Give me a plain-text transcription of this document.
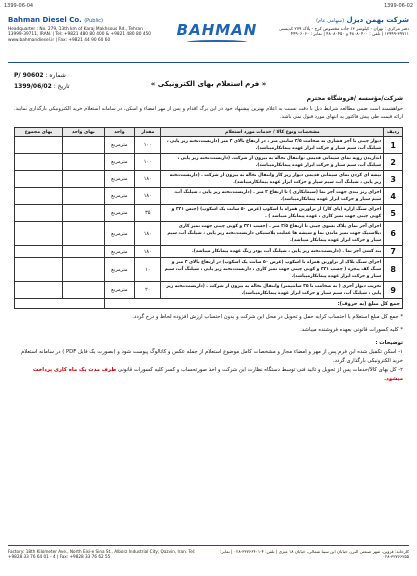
1399-06-04	1399-06-02
Bahman Diesel Co. (Public)	شرکت بهمن دیزل (سهامی عام)
BAHMAN
Headquarter : No. 279, 13th km of Karaj Makhsous Rd., Tehran 13999-39711, IRAN. | Tel: +9821 480 80 400 & +9821 480 80 450 www.bahmandiesel.ir | Fax: +9821 44 90 60 60
دفتر مرکزی : تهران - کیلومتر ۱۳ جاده مخصوص کرج - پلاک ۲۷۹ کدپستی ۳۹۷۱۱-۱۳۹۹۹ | تلفن : ۴۸۰۸۰۴۰۰ و ۴۸۰۸۰۴۵۰ | نمابر : ۴۴۹۰۶۰۶۰
شماره : P/ 90602
تاریخ : 1399/06/02	« فرم استعلام بهای الکترونیکی »
شرکت/مؤسسه /فروشگاه محترم
خواهشمند است ضمن مطالعه شرایط ذیل با دقت نسبت به اعلام بهترین پیشنهاد خود در این برگ اقدام و پس از مهر امضاء و اسکن، در سامانه استعلام خرید الکترونیکی بارگذاری نمایید. ارائه قیمت طی پیش فاکتور به انتهای مورد قبول نمی باشد.
ردیف	مشخصات ونوع کالا / خدمات مورد استعلام	مقدار	واحد	بهای واحد	بهای مجموع
1	دیوار چینی با آجر فشاری به ضخامت ۳/۵ سانتی متر ، در ارتفاع بالای ۳ متر (داربست،تخته زیر پایی ، شیلنگ آب، سیم سیار و حرکت ابزار عهده پیمانکارمیباشد).	۱۰۰	مترمربع		
2	اندازیدن رویه نمای سیمانی قدیمی ،وانتقال نخاله به بیرون از شرکت. (داربست،تخته زیر پایی ، شیلنگ آب، سیم سیار و حرکت ابزار عهده پیمانکارمیباشد).	۱۰۰	مترمربع		
3	تیشه ای کردن نمای سیمانی قدیمی دیوار زیر کار وانتقال نخاله به بیرون از شرکت . (داربست،تخته زیر پایی ، شیلنگ آب، سیم سیار و حرکت ابزار عهده پیمانکارمیباشد).	۱۸۰	مترمربع		
4	اجرای رنز بندی جهت آجر نما (سیمانکاری ) تا ارتفاع ۳ متر . (داربست،تخته زیر پایی ، شیلنگ آب، سیم سیار و حرکت ابزار عهده پیمانکارمیباشد).	۱۸۰	مترمربع		
5	اجرای سنگ ازاره (پای کار) از تراورتن همراه با اسکوپ (عرض ۵۰ سانت یک اسکوپ) (جنس ۳۲۱ و کوبی چینی جهت تمیز کاری ، عهده پیمانکار میباشد ) .	۳۵	مترمربع		
6	اجرای آجر نمای پلاک بسوی چینی تا ارتفاع ۳/۵ متر . (جسب ۳۲۱ و کوبی چینی جهت تمیز کاری ،پلاستیک جهت تمیز ماندن نما و شیشه ها عملیت پلاستیکی داربست،تخته زیر پایی ، شیلنگ آب، سیم سیار و حرکت ابزار عهده پیمانکار میباشد).	۱۸۰	مترمربع		
7	بند کشی آجر نما . (داربست،تخته زیر پایی ، شیلنگ آب، پودر رنگ عهده پیمانکار میباشد).	۱۸۰	مترمربع		
8	اجرای سنگ بلاک از تراورتن همراه با اسکوپ (عرض ۵۰ سانت یک اسکوپ) در ارتفاع بالای ۳ متر و سنگ کف پنجره ( چسب ۳۲۱ و کوبی چینی جهت تمیز کاری ، داربست،تخته زیر پایی ، شیلنگ آب، سیم سیار و حرکت ابزار عهده پیمانکارمیباشد).	۱۰	مترمربع		
9	تخریب دیوار آجری ( به ضخامت تا ۳۵ سانتیمتر) وانتقال نخاله به بیرون از شرکت . (داربست،تخته زیر پایی ، شیلنگ آب، سیم سیار و حرکت ابزار عهده پیمانکارمیباشد).	۲۰	مترمربع		
جمع کل مبلغ (به حروف):					
* جمع کل مبلغ استعلام با احتساب کرایه حمل و تحویل در محل این شرکت و بدون احتساب ارزش افزوده لحاظ و درج گردد.
* کلیه کسورات قانونی بعهده فروشنده میباشد.
توضیحات :
۱- اسکن تکمیل شده این فرم پس از مهر و امضاء مجاز و مشخصات کامل موضوع استعلام از جمله عکس و کاتالوگ پیوست شود و (بصورت یک فایل PDF ) در سامانه استعلام خرید الکترونیکی بارگذاری گردد.
۲- کل بهای کالا/خدمات پس از تحویل و تائید فنی توسط دستگاه نظارت این شرکت و اخذ صورتحساب و کسر کلیه کسورات قانونی ظرف مدت یک ماه کاری پرداخت میشود.
Factory: 18th Kilometer Ave., North Eisi-e Sina St., Alborz Industrial City, Qazvin, Iran. Tel: +9828 33 76 64 01 - 4 | Fax: +9828 33 76 62 55
کارخانه: قزوین، شهر صنعتی البرز، خیابان ابن سینا شمالی، خیابان ۱۸ متری | تلفن: ۴-۳۳۷۶۶۴۰۱-۰۲۸ | نمابر: ۳۳۷۶۶۲۵۵-۰۲۸
